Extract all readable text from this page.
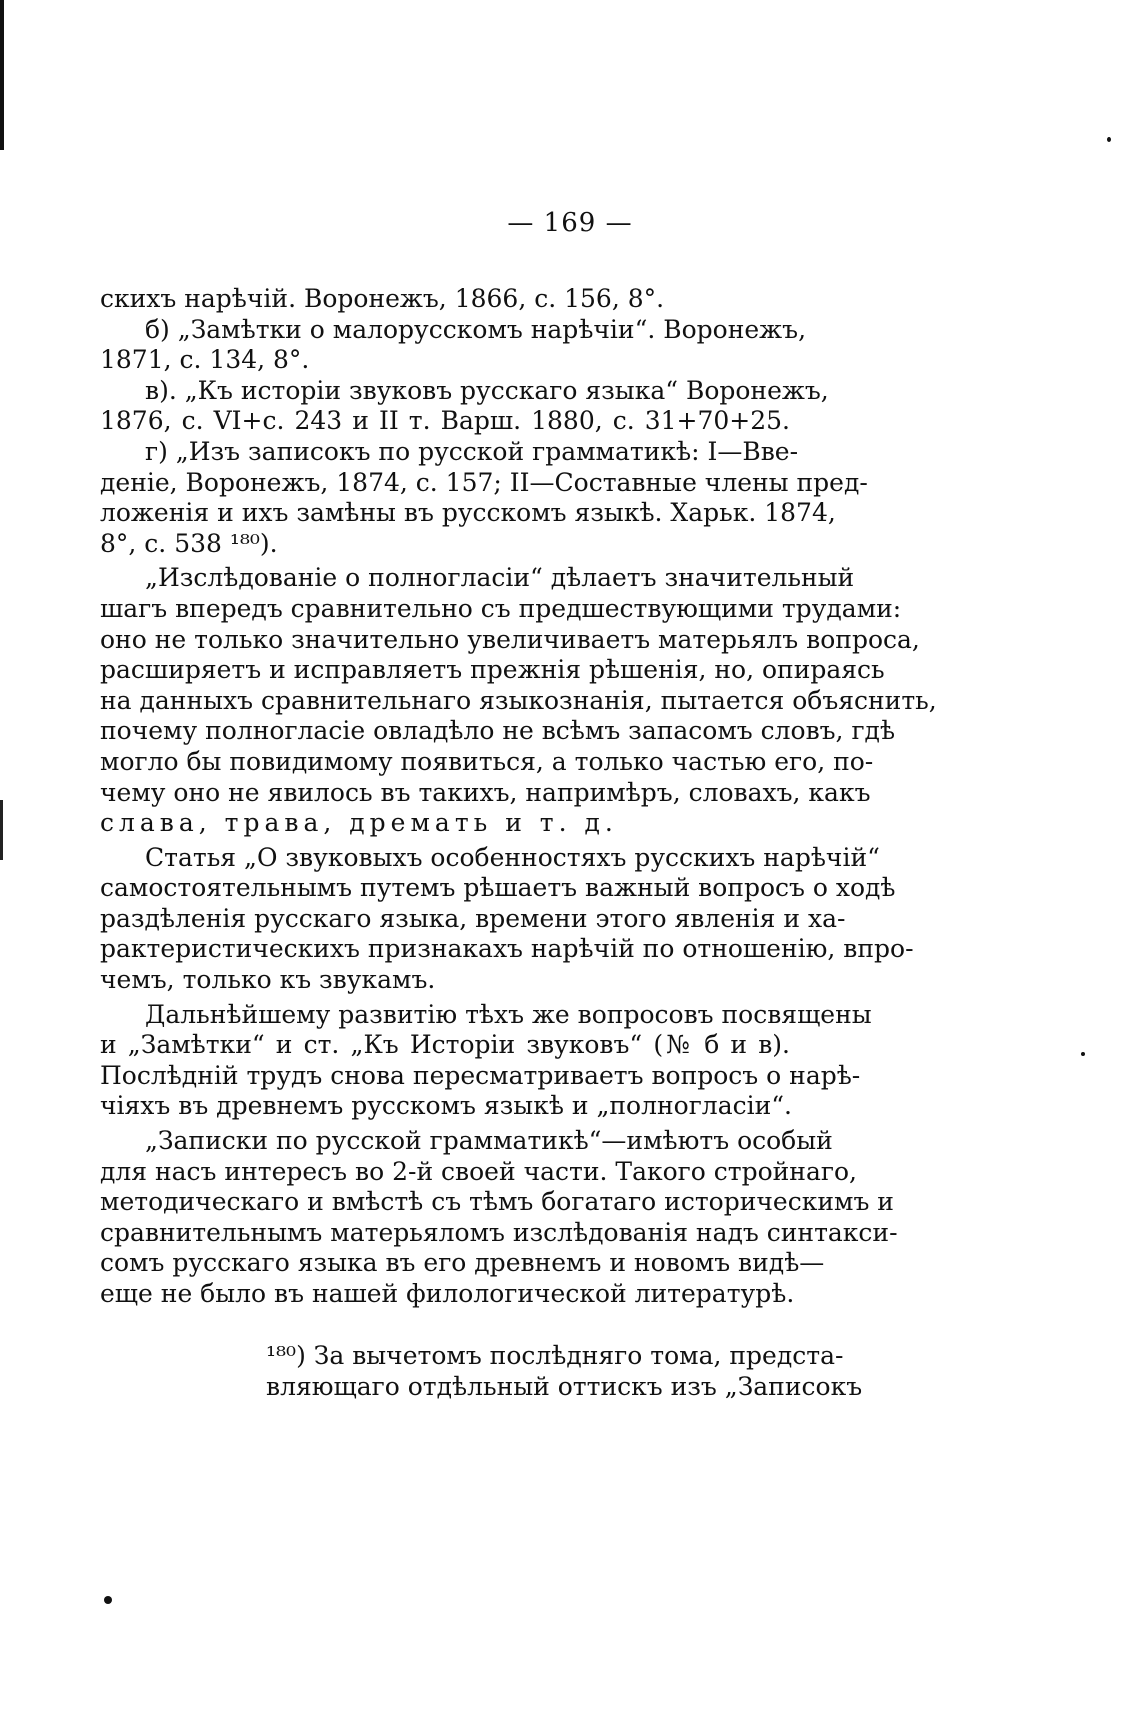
— 169 —
скихъ нарѣчій. Воронежъ, 1866, с. 156, 8°.
б) „Замѣтки о малорусскомъ нарѣчіи“. Воронежъ,
1871, с. 134, 8°.
в). „Къ исторіи звуковъ русскаго языка“ Воронежъ,
1876, с. VI+с. 243 и II т. Варш. 1880, с. 31+70+25.
г) „Изъ записокъ по русской грамматикѣ: I—Вве-
деніе, Воронежъ, 1874, с. 157; II—Составные члены пред-
ложенія и ихъ замѣны въ русскомъ языкѣ. Харьк. 1874,
8°, с. 538 ¹⁸⁰).
„Изслѣдованіе о полногласіи“ дѣлаетъ значительный
шагъ впередъ сравнительно съ предшествующими трудами:
оно не только значительно увеличиваетъ матерьялъ вопроса,
расширяетъ и исправляетъ прежнія рѣшенія, но, опираясь
на данныхъ сравнительнаго языкознанія, пытается объяснить,
почему полногласіе овладѣло не всѣмъ запасомъ словъ, гдѣ
могло бы повидимому появиться, а только частью его, по-
чему оно не явилось въ такихъ, напримѣръ, словахъ, какъ
слава, трава, дремать и т. д.
Статья „О звуковыхъ особенностяхъ русскихъ нарѣчій“
самостоятельнымъ путемъ рѣшаетъ важный вопросъ о ходѣ
раздѣленія русскаго языка, времени этого явленія и ха-
рактеристическихъ признакахъ нарѣчій по отношенію, впро-
чемъ, только къ звукамъ.
Дальнѣйшему развитію тѣхъ же вопросовъ посвящены
и „Замѣтки“ и ст. „Къ Исторіи звуковъ“ (№ б и в).
Послѣдній трудъ снова пересматриваетъ вопросъ о нарѣ-
чіяхъ въ древнемъ русскомъ языкѣ и „полногласіи“.
„Записки по русской грамматикѣ“—имѣютъ особый
для насъ интересъ во 2-й своей части. Такого стройнаго,
методическаго и вмѣстѣ съ тѣмъ богатаго историческимъ и
сравнительнымъ матерьяломъ изслѣдованія надъ синтакси-
сомъ русскаго языка въ его древнемъ и новомъ видѣ—
еще не было въ нашей филологической литературѣ.
¹⁸⁰) За вычетомъ послѣдняго тома, предста-
вляющаго отдѣльный оттискъ изъ „Записокъ
